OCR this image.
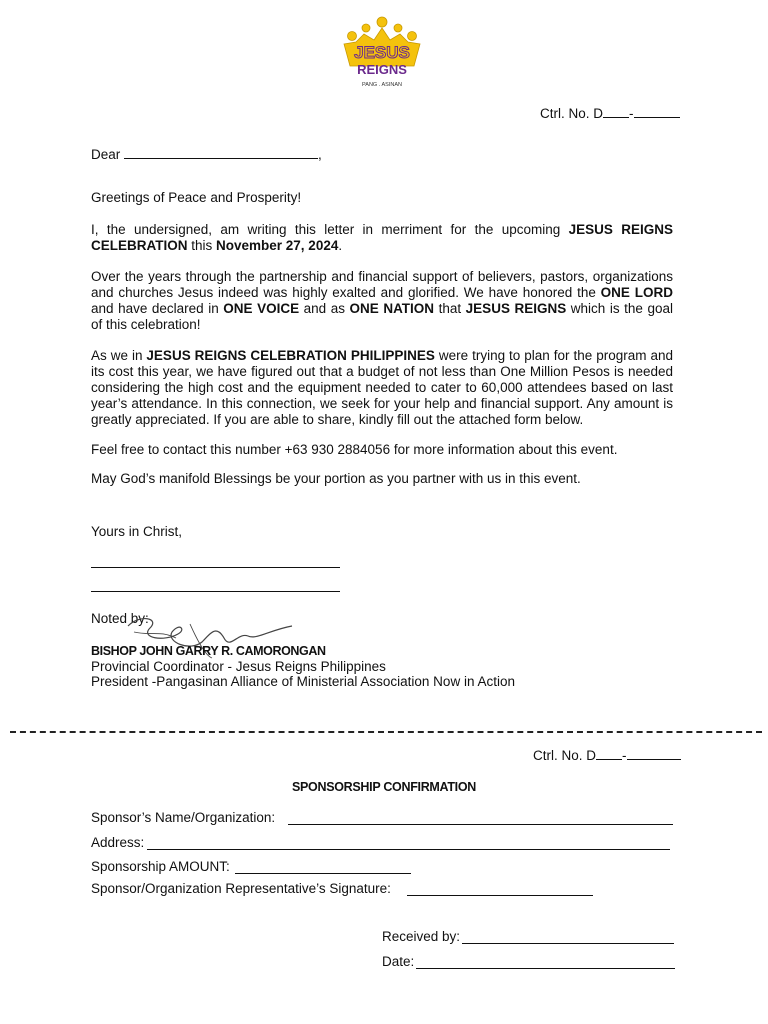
JESUS
REIGNS
PANG . ASINAN
Ctrl. No. D -
Dear	,
Greetings of Peace and Prosperity!
I, the undersigned, am writing this letter in merriment for the upcoming JESUS REIGNS CELEBRATION this November 27, 2024.
Over the years through the partnership and financial support of believers, pastors, organizations and churches Jesus indeed was highly exalted and glorified. We have honored the ONE LORD and have declared in ONE VOICE and as ONE NATION that JESUS REIGNS which is the goal of this celebration!
As we in JESUS REIGNS CELEBRATION PHILIPPINES were trying to plan for the program and its cost this year, we have figured out that a budget of not less than One Million Pesos is needed considering the high cost and the equipment needed to cater to 60,000 attendees based on last year’s attendance. In this connection, we seek for your help and financial support. Any amount is greatly appreciated. If you are able to share, kindly fill out the attached form below.
Feel free to contact this number +63 930 2884056 for more information about this event.
May God’s manifold Blessings be your portion as you partner with us in this event.
Yours in Christ,
Noted by:
BISHOP JOHN GARRY R. CAMORONGAN
Provincial Coordinator - Jesus Reigns Philippines
President -Pangasinan Alliance of Ministerial Association Now in Action
Ctrl. No. D -
SPONSORSHIP CONFIRMATION
Sponsor’s Name/Organization:
Address:
Sponsorship AMOUNT:
Sponsor/Organization Representative’s Signature:
Received by:
Date:
